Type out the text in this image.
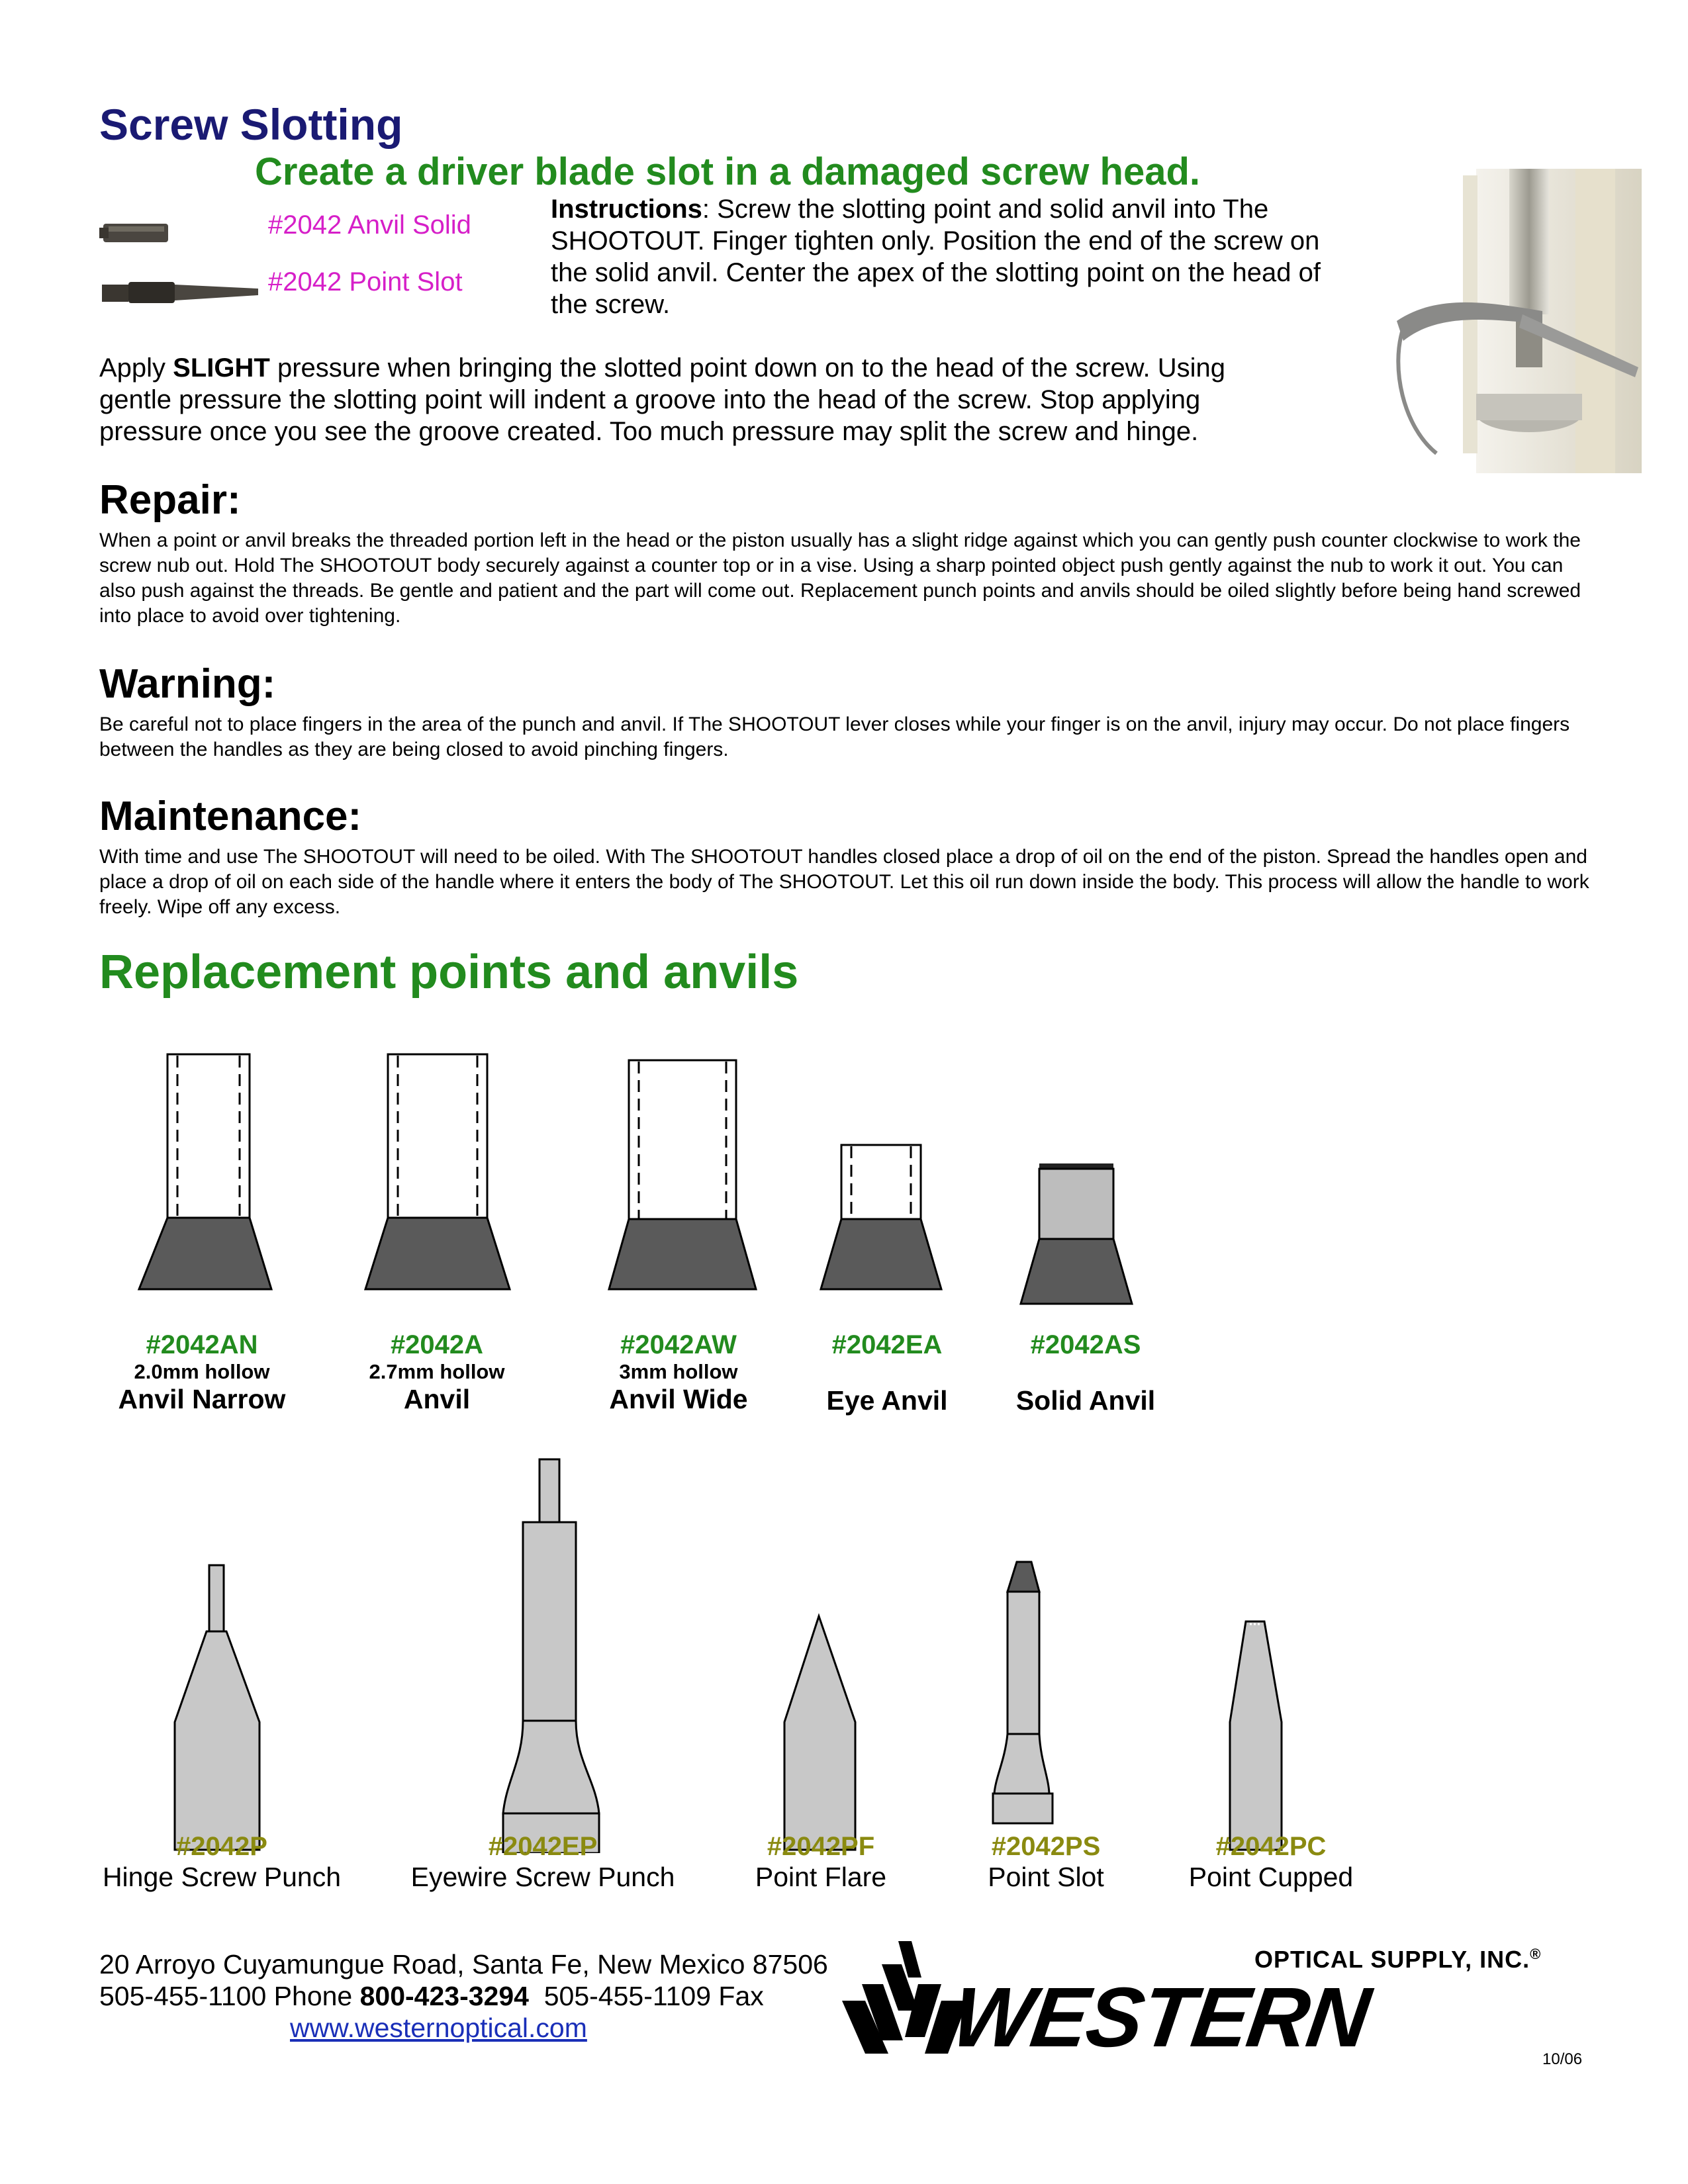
Screw Slotting
Create a driver blade slot in a damaged screw head.
#2042 Anvil Solid
#2042 Point Slot
Instructions: Screw the slotting point and solid anvil into The SHOOTOUT. Finger tighten only. Position the end of the screw on the solid anvil. Center the apex of the slotting point on the head of the screw.
Apply SLIGHT pressure when bringing the slotted point down on to the head of the screw. Using gentle pressure the slotting point will indent a groove into the head of the screw. Stop applying pressure once you see the groove created. Too much pressure may split the screw and hinge.
Repair:
When a point or anvil breaks the threaded portion left in the head or the piston usually has a slight ridge against which you can gently push counter clockwise to work the screw nub out. Hold The SHOOTOUT body securely against a counter top or in a vise. Using a sharp pointed object push gently against the nub to work it out. You can also push against the threads. Be gentle and patient and the part will come out. Replacement punch points and anvils should be oiled slightly before being hand screwed into place to avoid over tightening.
Warning:
Be careful not to place fingers in the area of the punch and anvil. If The SHOOTOUT lever closes while your finger is on the anvil, injury may occur. Do not place fingers between the handles as they are being closed to avoid pinching fingers.
Maintenance:
With time and use The SHOOTOUT will need to be oiled. With The SHOOTOUT handles closed place a drop of oil on the end of the piston. Spread the handles open and place a drop of oil on each side of the handle where it enters the body of The SHOOTOUT. Let this oil run down inside the body. This process will allow the handle to work freely. Wipe off any excess.
Replacement points and anvils
#2042AN
2.0mm hollow
Anvil Narrow
#2042A
2.7mm hollow
Anvil
#2042AW
3mm hollow
Anvil Wide
#2042EA
Eye Anvil
#2042AS
Solid Anvil
#2042P
Hinge Screw Punch
#2042EP
Eyewire Screw Punch
#2042PF
Point Flare
#2042PS
Point Slot
#2042PC
Point Cupped
20 Arroyo Cuyamungue Road, Santa Fe, New Mexico 87506
505-455-1100 Phone 800-423-3294  505-455-1109 Fax
www.westernoptical.com
OPTICAL SUPPLY, INC.®
WESTERN	10/06
